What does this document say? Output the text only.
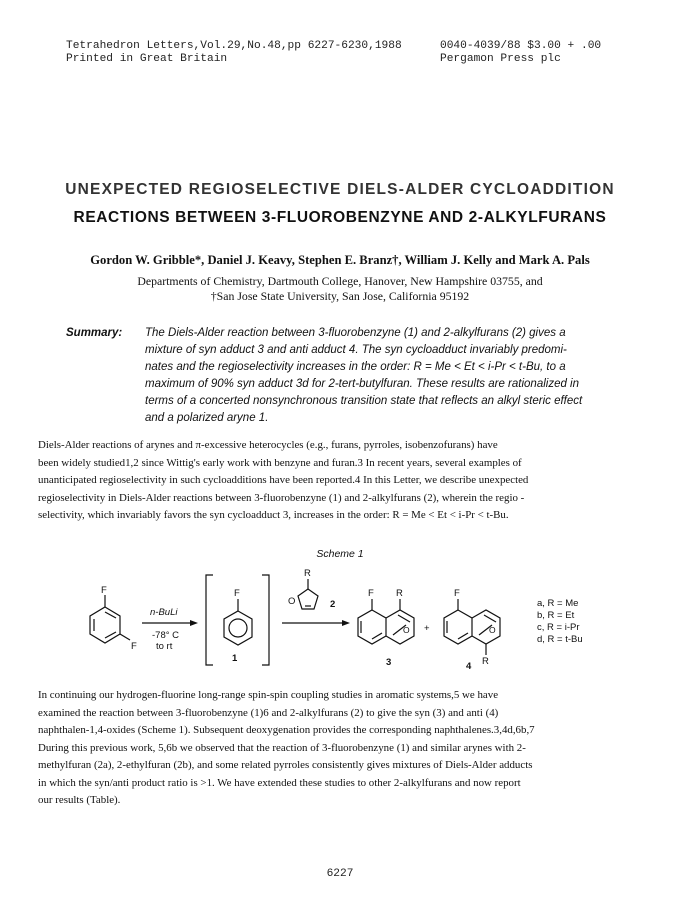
Tetrahedron Letters,Vol.29,No.48,pp 6227-6230,1988
Printed in Great Britain
0040-4039/88 $3.00 + .00
Pergamon Press plc
UNEXPECTED REGIOSELECTIVE DIELS-ALDER CYCLOADDITION
REACTIONS BETWEEN 3-FLUOROBENZYNE AND 2-ALKYLFURANS
Gordon W. Gribble*, Daniel J. Keavy, Stephen E. Branz†, William J. Kelly and Mark A. Pals
Departments of Chemistry, Dartmouth College, Hanover, New Hampshire 03755, and
†San Jose State University, San Jose, California 95192
Summary: The Diels-Alder reaction between 3-fluorobenzyne (1) and 2-alkylfurans (2) gives a
mixture of syn adduct 3 and anti adduct 4. The syn cycloadduct invariably predomi-
nates and the regioselectivity increases in the order: R = Me < Et < i-Pr < t-Bu, to a
maximum of 90% syn adduct 3d for 2-tert-butylfuran. These results are rationalized in
terms of a concerted nonsynchronous transition state that reflects an alkyl steric effect
and a polarized aryne 1.
Diels-Alder reactions of arynes and π-excessive heterocycles (e.g., furans, pyrroles, isobenzofurans) have
been widely studied1,2 since Wittig's early work with benzyne and furan.3 In recent years, several examples of
unanticipated regioselectivity in such cycloadditions have been reported.4 In this Letter, we describe unexpected
regioselectivity in Diels-Alder reactions between 3-fluorobenzyne (1) and 2-alkylfurans (2), wherein the regio -
selectivity, which invariably favors the syn cycloadduct 3, increases in the order: R = Me < Et < i-Pr < t-Bu.
Scheme 1
F
F
n-BuLi
-78° C
to rt
F
1
R
O	2
F R
O
3
+
F
R
O
4
a, R = Me
b, R = Et
c, R = i-Pr
d, R = t-Bu
In continuing our hydrogen-fluorine long-range spin-spin coupling studies in aromatic systems,5 we have
examined the reaction between 3-fluorobenzyne (1)6 and 2-alkylfurans (2) to give the syn (3) and anti (4)
naphthalen-1,4-oxides (Scheme 1). Subsequent deoxygenation provides the corresponding naphthalenes.3,4d,6b,7
During this previous work, 5,6b we observed that the reaction of 3-fluorobenzyne (1) and similar arynes with 2-
methylfuran (2a), 2-ethylfuran (2b), and some related pyrroles consistently gives mixtures of Diels-Alder adducts
in which the syn/anti product ratio is >1. We have extended these studies to other 2-alkylfurans and now report
our results (Table).
6227
